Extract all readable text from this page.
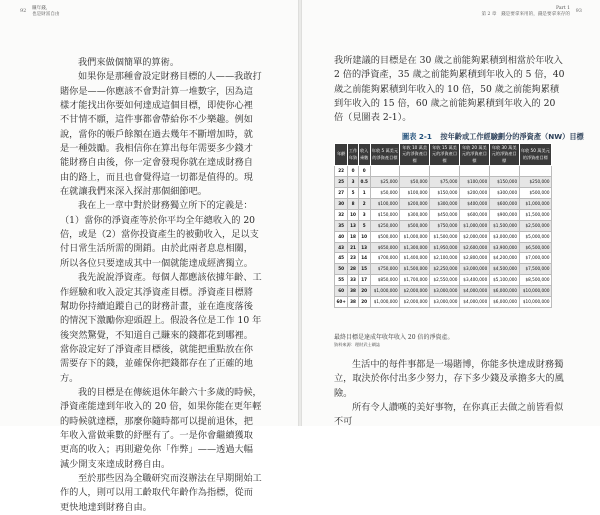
92 賺年錢，
也是財富自由

我們來做個簡單的算術。

如果你是那種會設定財務目標的人——我敢打賭你是——你應該不會對計算一堆數字，因為這樣才能找出你要如何達成這個目標，即使你心裡不甘情不願，這件事都會帶給你不少樂趣。例如說，當你的帳戶餘額在過去幾年不斷增加時，就是一種鼓勵。我相信你在算出每年需要多少錢才能財務自由後，你一定會發現你就在達成財務自由的路上，而且也會覺得這一切都是值得的。現在就讓我們來深入探討那個細節吧。

我在上一章中對於財務獨立所下的定義是：（1）當你的淨資產等於你平均全年總收入的 20 倍，或是（2）當你投資產生的被動收入，足以支付日常生活所需的開銷。由於此兩者息息相關，所以各位只要達成其中一個就能達成經濟獨立。

我先說說淨資產。每個人都應該依據年齡、工作經驗和收入設定其淨資產目標。淨資產目標將幫助你持續追蹤自己的財務計畫，並在進度落後的情況下激勵你迎頭趕上。假設各位是工作 10 年後突然驚覺，不知道自己賺來的錢都花到哪裡。當你設定好了淨資產目標後，就能把重點放在你需要存下的錢，並確保你把錢都存在了正確的地方。

我的目標是在傳統退休年齡六十多歲的時候，淨資產能達到年收入的 20 倍，如果你能在更年輕的時候就達標，那麼你隨時都可以提前退休，把年收入當做乘數的紓壓有了。一是你會繼續獲取更高的收入；再則避免你「作弊」——透過大幅減少開支來達成財務自由。

至於那些因為全職研究而沒辦法在早期開始工作的人，則可以用工齡取代年齡作為指標，從而更快地達到財務自由。

93
Part 1
第 2 章　錢是要拿來用的，錢是要拿來存的

我所建議的目標是在 30 歲之前能夠累積到相當於年收入 2 倍的淨資產，35 歲之前能夠累積到年收入的 5 倍，40 歲之前能夠累積到年收入的 10 倍，50 歲之前能夠累積到年收入的 15 倍，60 歲之前能夠累積到年收入的 20 倍（見圖表 2-1）。

圖表 2-1 按年齡或工作經驗劃分的淨資產（NW）目標
年齡	工作年資	收入乘數	年收 5 萬美元的淨資產目標	年收 10 萬美元的淨資產目標	年收 15 萬美元的淨資產目標	年收 20 萬美元的淨資產目標	年收 30 萬美元的淨資產目標	年收 50 萬美元的淨資產目標
22	0	0						
25	3	0.5	$25,000	$50,000	$75,000	$100,000	$150,000	$250,000
27	5	1	$50,000	$100,000	$150,000	$200,000	$300,000	$500,000
30	8	2	$100,000	$200,000	$300,000	$400,000	$600,000	$1,000,000
32	10	3	$150,000	$300,000	$450,000	$600,000	$900,000	$1,500,000
35	13	5	$250,000	$500,000	$750,000	$1,000,000	$1,500,000	$2,500,000
40	18	10	$500,000	$1,000,000	$1,500,000	$2,000,000	$3,000,000	$5,000,000
43	21	13	$650,000	$1,300,000	$1,950,000	$2,600,000	$3,900,000	$6,500,000
45	23	14	$700,000	$1,400,000	$2,100,000	$2,800,000	$4,200,000	$7,000,000
50	28	15	$750,000	$1,500,000	$2,250,000	$3,000,000	$4,500,000	$7,500,000
55	33	17	$850,000	$1,700,000	$2,550,000	$3,400,000	$5,100,000	$8,500,000
60	38	20	$1,000,000	$2,000,000	$3,000,000	$4,000,000	$6,000,000	$10,000,000
60+	38	20	$1,000,000	$2,000,000	$3,000,000	$4,000,000	$6,000,000	$10,000,000
最終目標是達成年收年收入 20 倍的淨資產。
資料來源：理財武士網誌

生活中的每件事都是一場賭博，你能多快達成財務獨立，取決於你付出多少努力，存下多少錢及承擔多大的風險。

所有令人讚嘆的美好事物，在你真正去做之前皆看似不可
